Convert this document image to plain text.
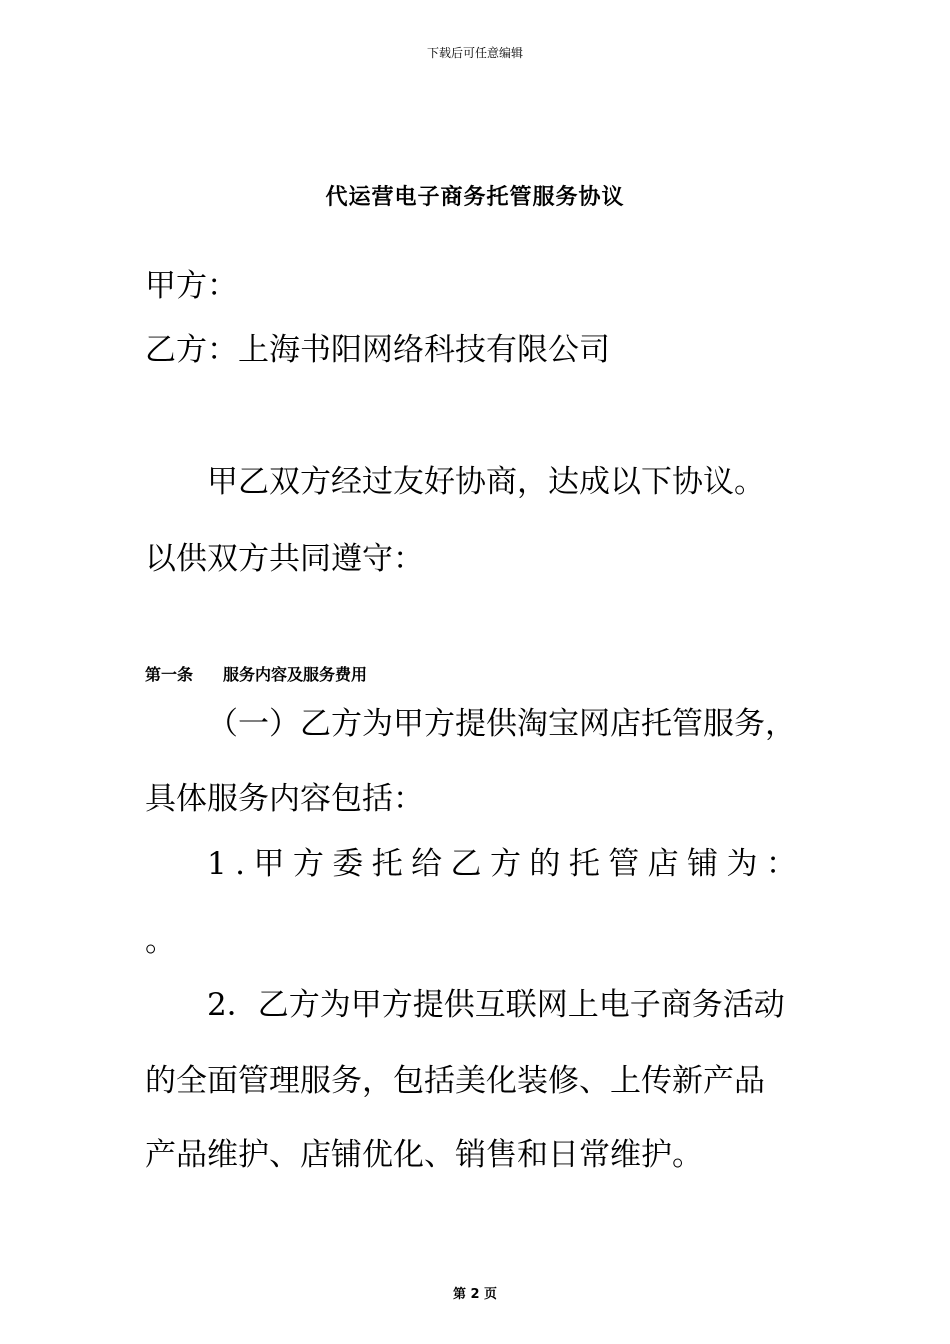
下载后可任意编辑
代运营电子商务托管服务协议
甲方：
乙方：上海书阳网络科技有限公司
甲乙双方经过友好协商，达成以下协议。
以供双方共同遵守：
第一条 服务内容及服务费用
（一）乙方为甲方提供淘宝网店托管服务，
具体服务内容包括：
1 . 甲 方 委 托 给 乙 方 的 托 管 店 铺 为 ：
。
2．乙方为甲方提供互联网上电子商务活动
的全面管理服务，包括美化装修、上传新产品
产品维护、店铺优化、销售和日常维护。
第 2 页
